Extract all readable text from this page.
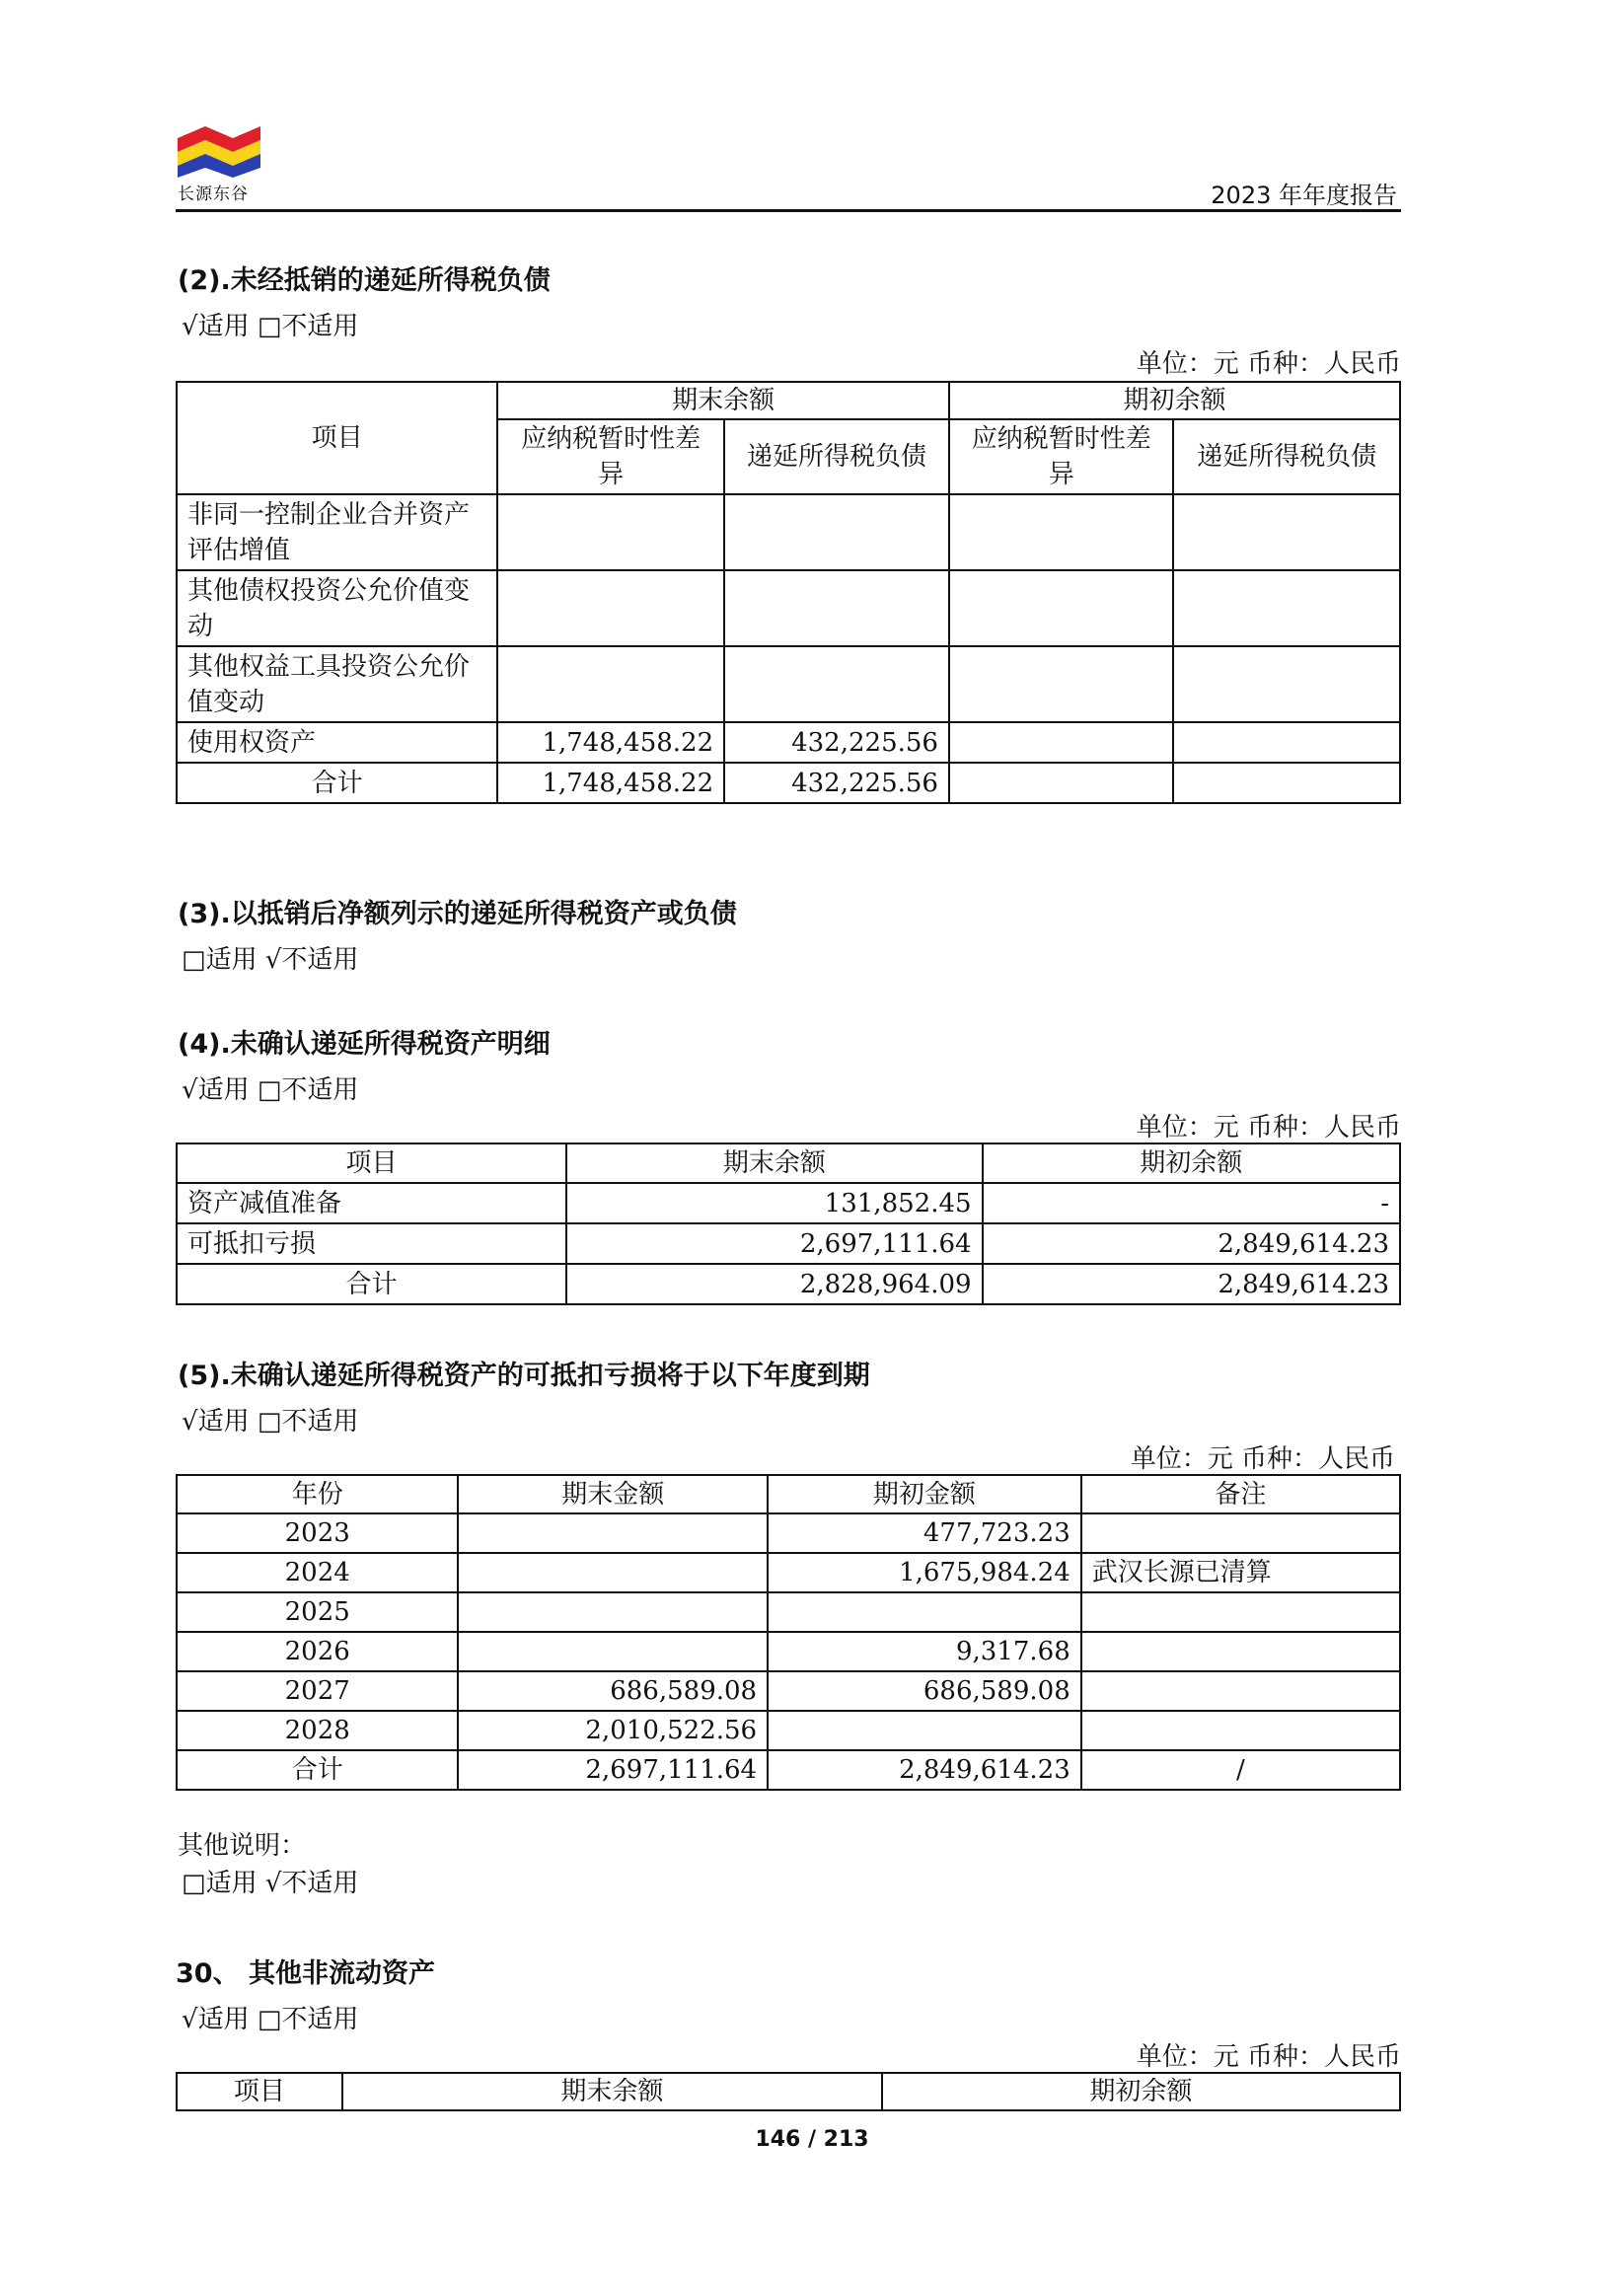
长源东谷	2023 年年度报告
(2).未经抵销的递延所得税负债
√适用 □不适用
单位：元 币种：人民币
项目	期末余额		期初余额	
	应纳税暂时性差异	递延所得税负债	应纳税暂时性差异	递延所得税负债
非同一控制企业合并资产评估增值				
其他债权投资公允价值变动				
其他权益工具投资公允价值变动				
使用权资产	1,748,458.22	432,225.56		
合计	1,748,458.22	432,225.56		
(3).以抵销后净额列示的递延所得税资产或负债
□适用 √不适用
(4).未确认递延所得税资产明细
√适用 □不适用
单位：元 币种：人民币
项目	期末余额	期初余额
资产减值准备	131,852.45	-
可抵扣亏损	2,697,111.64	2,849,614.23
合计	2,828,964.09	2,849,614.23
(5).未确认递延所得税资产的可抵扣亏损将于以下年度到期
√适用 □不适用
单位：元 币种：人民币
年份	期末金额	期初金额	备注
2023		477,723.23	
2024		1,675,984.24	武汉长源已清算
2025			
2026		9,317.68	
2027	686,589.08	686,589.08	
2028	2,010,522.56		
合计	2,697,111.64	2,849,614.23	/
其他说明：
□适用 √不适用
30、 其他非流动资产
√适用 □不适用
单位：元 币种：人民币
项目	期末余额	期初余额
146 / 213
